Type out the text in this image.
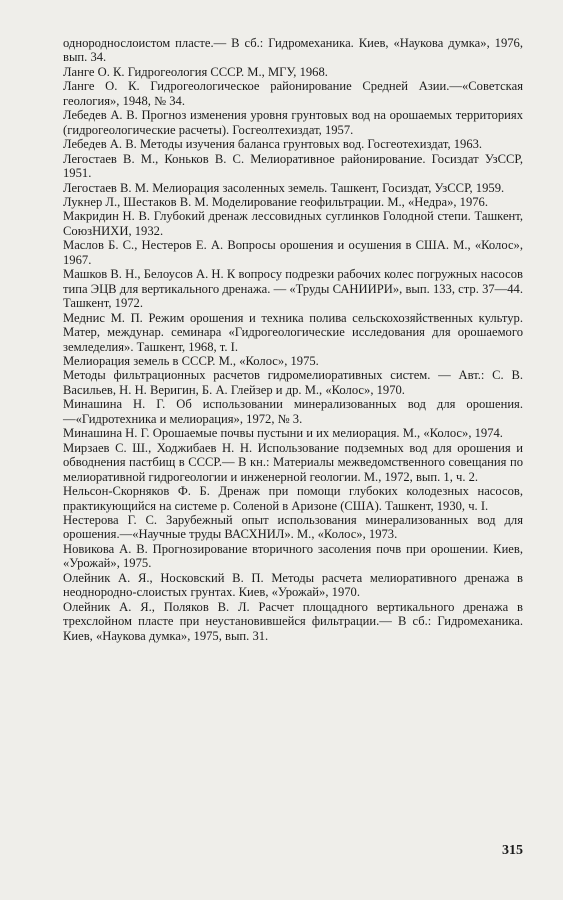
однороднослоистом пласте.— В сб.: Гидромеханика. Киев, «Наукова думка», 1976, вып. 34.

Ланге О. К. Гидрогеология СССР. М., МГУ, 1968.

Ланге О. К. Гидрогеологическое районирование Средней Азии.—«Советская геология», 1948, № 34.

Лебедев А. В. Прогноз изменения уровня грунтовых вод на орошаемых территориях (гидрогеологические расчеты). Госгеолтехиздат, 1957.

Лебедев А. В. Методы изучения баланса грунтовых вод. Госгеотехиздат, 1963.

Легостаев В. М., Коньков В. С. Мелиоративное районирование. Госиздат УзССР, 1951.

Легостаев В. М. Мелиорация засоленных земель. Ташкент, Госиздат, УзССР, 1959.

Лукнер Л., Шестаков В. М. Моделирование геофильтрации. М., «Недра», 1976.

Макридин Н. В. Глубокий дренаж лессовидных суглинков Голодной степи. Ташкент, СоюзНИХИ, 1932.

Маслов Б. С., Нестеров Е. А. Вопросы орошения и осушения в США. М., «Колос», 1967.

Машков В. Н., Белоусов А. Н. К вопросу подрезки рабочих колес погружных насосов типа ЭЦВ для вертикального дренажа. — «Труды САНИИРИ», вып. 133, стр. 37—44. Ташкент, 1972.

Меднис М. П. Режим орошения и техника полива сельскохозяйственных культур. Матер, междунар. семинара «Гидрогеологические исследования для орошаемого земледелия». Ташкент, 1968, т. I.

Мелиорация земель в СССР. М., «Колос», 1975.

Методы фильтрационных расчетов гидромелиоративных систем. — Авт.: С. В. Васильев, Н. Н. Веригин, Б. А. Глейзер и др. М., «Колос», 1970.

Минашина Н. Г. Об использовании минерализованных вод для орошения.—«Гидротехника и мелиорация», 1972, № 3.

Минашина Н. Г. Орошаемые почвы пустыни и их мелиорация. М., «Колос», 1974.

Мирзаев С. Ш., Ходжибаев Н. Н. Использование подземных вод для орошения и обводнения пастбищ в СССР.— В кн.: Материалы межведомственного совещания по мелиоративной гидрогеологии и инженерной геологии. М., 1972, вып. 1, ч. 2.

Нельсон-Скорняков Ф. Б. Дренаж при помощи глубоких колодезных насосов, практикующийся на системе р. Соленой в Аризоне (США). Ташкент, 1930, ч. I.

Нестерова Г. С. Зарубежный опыт использования минерализованных вод для орошения.—«Научные труды ВАСХНИЛ». М., «Колос», 1973.

Новикова А. В. Прогнозирование вторичного засоления почв при орошении. Киев, «Урожай», 1975.

Олейник А. Я., Носковский В. П. Методы расчета мелиоративного дренажа в неоднородно-слоистых грунтах. Киев, «Урожай», 1970.

Олейник А. Я., Поляков В. Л. Расчет площадного вертикального дренажа в трехслойном пласте при неустановившейся фильтрации.— В сб.: Гидромеханика. Киев, «Наукова думка», 1975, вып. 31.

315
